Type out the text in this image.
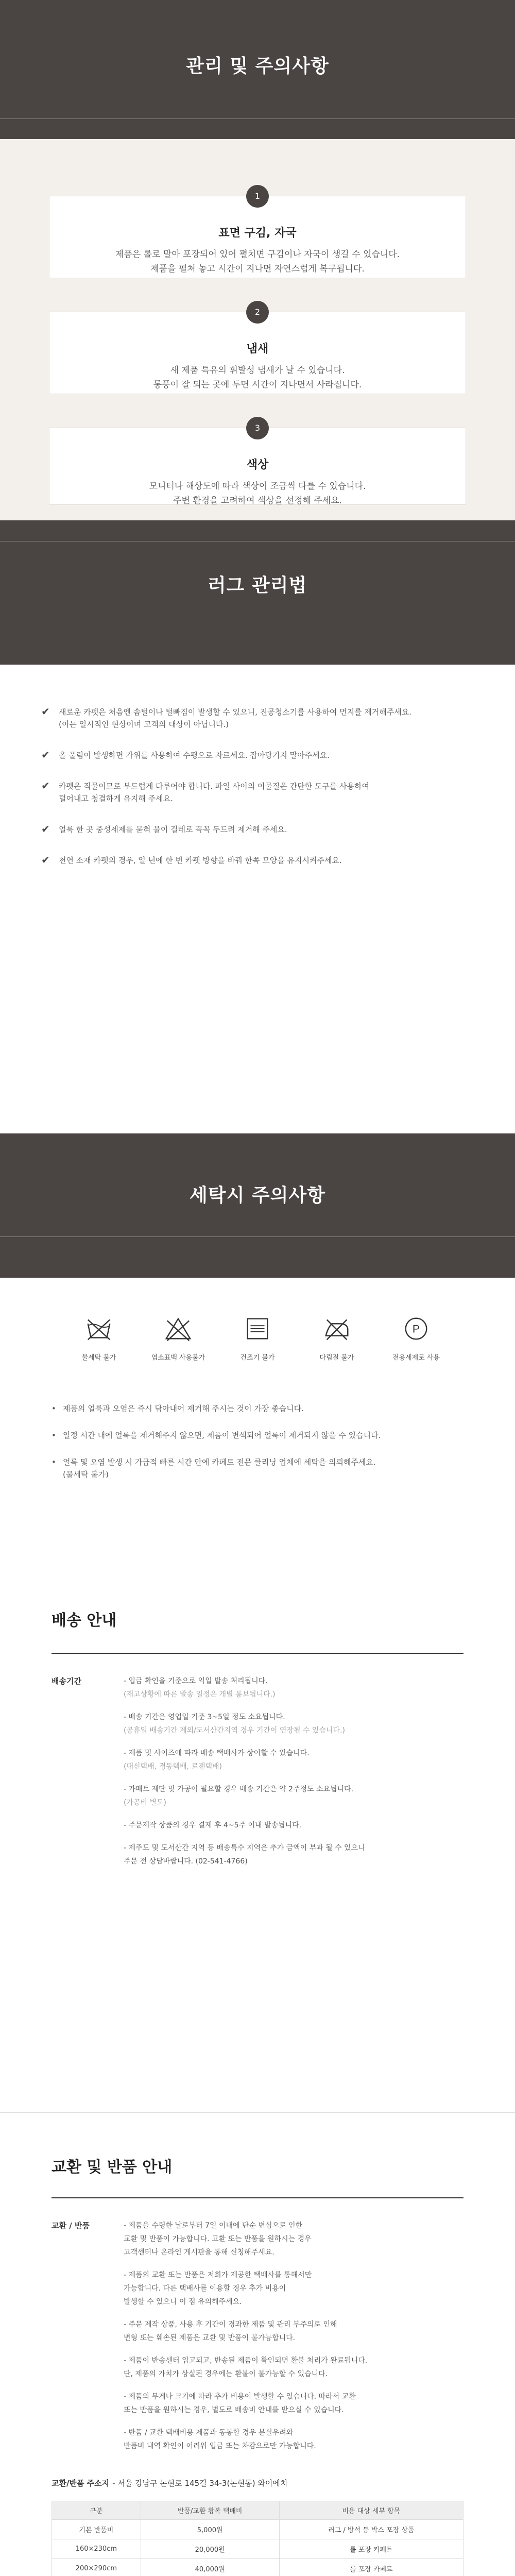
관리 및 주의사항
1
표면 구김, 자국
제품은 롤로 말아 포장되어 있어 펼치면 구김이나 자국이 생길 수 있습니다.
제품을 펼쳐 놓고 시간이 지나면 자연스럽게 복구됩니다.
2
냄새
새 제품 특유의 휘발성 냄새가 날 수 있습니다.
통풍이 잘 되는 곳에 두면 시간이 지나면서 사라집니다.
3
색상
모니터나 해상도에 따라 색상이 조금씩 다를 수 있습니다.
주변 환경을 고려하여 색상을 선정해 주세요.
러그 관리법
✔	새로운 카펫은 처음엔 솜털이나 털빠짐이 발생할 수 있으니, 진공청소기를 사용하여 먼지를 제거해주세요.
(이는 일시적인 현상이며 고객의 대상이 아닙니다.)
✔	올 풀림이 발생하면 가위를 사용하여 수평으로 자르세요. 잡아당기지 말아주세요.
✔	카펫은 직물이므로 부드럽게 다루어야 합니다. 파일 사이의 이물질은 간단한 도구를 사용하여
털어내고 청결하게 유지해 주세요.
✔	얼룩 한 곳 중성세제를 묻혀 물이 걸레로 꼭꼭 두드려 제거해 주세요.
✔	천연 소재 카펫의 경우, 일 년에 한 번 카펫 방향을 바꿔 한쪽 모양을 유지시켜주세요.
세탁시 주의사항
물세탁 불가	염소표백 사용불가	건조기 불가	다림질 불가
P
전용세제로 사용
• 제품의 얼룩과 오염은 즉시 닦아내어 제거해 주시는 것이 가장 좋습니다.
• 일정 시간 내에 얼룩을 제거해주지 않으면, 제품이 변색되어 얼룩이 제거되지 않을 수 있습니다.
• 얼룩 및 오염 발생 시 가급적 빠른 시간 안에 카페트 전문 클리닝 업체에 세탁을 의뢰해주세요.
(물세탁 불가)
배송 안내
배송기간	- 입금 확인을 기준으로 익일 발송 처리됩니다.
(재고상황에 따른 발송 일정은 개별 통보됩니다.)
- 배송 기간은 영업일 기준 3~5일 정도 소요됩니다.
(공휴일 배송기간 제외/도서산간지역 경우 기간이 연장될 수 있습니다.)
- 제품 및 사이즈에 따라 배송 택배사가 상이할 수 있습니다.
(대신택배, 경동택배, 로젠택배)
- 카페트 제단 및 가공이 필요할 경우 배송 기간은 약 2주정도 소요됩니다.
(가공비 별도)
- 주문제작 상품의 경우 결제 후 4~5주 이내 발송됩니다.
- 제주도 및 도서산간 지역 등 배송특수 지역은 추가 금액이 부과 될 수 있으니
주문 전 상담바랍니다. (02-541-4766)
교환 및 반품 안내
교환 / 반품	- 제품을 수령한 날로부터 7일 이내에 단순 변심으로 인한
교환 및 반품이 가능합니다. 고환 또는 반품을 원하시는 경우
고객센터나 온라인 게시판을 통해 신청해주세요.
- 제품의 교환 또는 반품은 저희가 제공한 택배사를 통해서만
가능합니다. 다른 택배사를 이용할 경우 추가 비용이
발생할 수 있으니 이 점 유의해주세요.
- 주문 제작 상품, 사용 후 기간이 경과한 제품 및 관리 부주의로 인해
변형 또는 훼손된 제품은 교환 및 반품이 불가능합니다.
- 제품이 반송센터 입고되고, 반송된 제품이 확인되면 환불 처리가 완료됩니다.
단, 제품의 가치가 상실된 경우에는 환불이 불가능할 수 있습니다.
- 제품의 무게나 크기에 따라 추가 비용이 발생할 수 있습니다. 따라서 교환
또는 반품을 원하시는 경우, 별도로 배송비 안내를 받으실 수 있습니다.
- 반품 / 교환 택배비용 제품과 동봉할 경우 분실우려와
반품비 내역 확인이 어려워 입금 또는 차감으로만 가능합니다.
교환/반품 주소지 - 서울 강남구 논현로 145길 34-3(논현동) 와이에치
구분	반품/교환 왕복 택배비	비용 대상 세부 항목
기본 반품비	5,000원	러그 / 방석 등 박스 포장 상품
160×230cm	20,000원	롤 포장 카페트
200×290cm	40,000원	롤 포장 카페트
